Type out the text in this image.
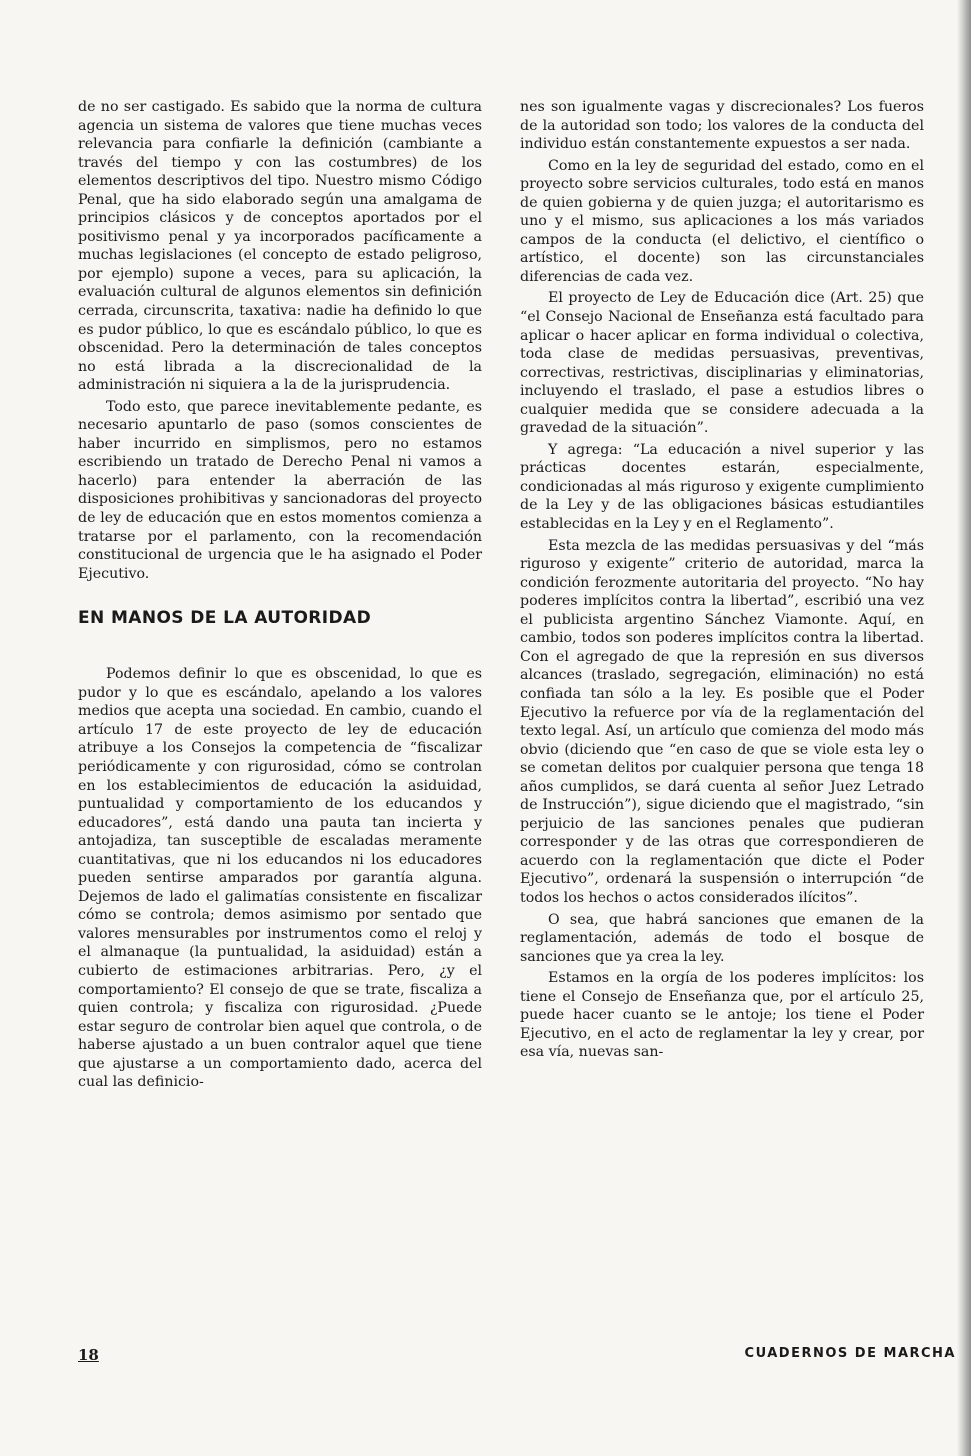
de no ser castigado. Es sabido que la norma de cultura agencia un sistema de valores que tiene muchas veces relevancia para confiarle la definición (cambiante a través del tiempo y con las costumbres) de los elementos descriptivos del tipo. Nuestro mismo Código Penal, que ha sido elaborado según una amalgama de principios clásicos y de conceptos aportados por el positivismo penal y ya incorporados pacíficamente a muchas legislaciones (el concepto de estado peligroso, por ejemplo) supone a veces, para su aplicación, la evaluación cultural de algunos elementos sin definición cerrada, circunscrita, taxativa: nadie ha definido lo que es pudor público, lo que es escándalo público, lo que es obscenidad. Pero la determinación de tales conceptos no está librada a la discrecionalidad de la administración ni siquiera a la de la jurisprudencia.

Todo esto, que parece inevitablemente pedante, es necesario apuntarlo de paso (somos conscientes de haber incurrido en simplismos, pero no estamos escribiendo un tratado de Derecho Penal ni vamos a hacerlo) para entender la aberración de las disposiciones prohibitivas y sancionadoras del proyecto de ley de educación que en estos momentos comienza a tratarse por el parlamento, con la recomendación constitucional de urgencia que le ha asignado el Poder Ejecutivo.

EN MANOS DE LA AUTORIDAD

Podemos definir lo que es obscenidad, lo que es pudor y lo que es escándalo, apelando a los valores medios que acepta una sociedad. En cambio, cuando el artículo 17 de este proyecto de ley de educación atribuye a los Consejos la competencia de “fiscalizar periódicamente y con rigurosidad, cómo se controlan en los establecimientos de educación la asiduidad, puntualidad y comportamiento de los educandos y educadores”, está dando una pauta tan incierta y antojadiza, tan susceptible de escaladas meramente cuantitativas, que ni los educandos ni los educadores pueden sentirse amparados por garantía alguna. Dejemos de lado el galimatías consistente en fiscalizar cómo se controla; demos asimismo por sentado que valores mensurables por instrumentos como el reloj y el almanaque (la puntualidad, la asiduidad) están a cubierto de estimaciones arbitrarias. Pero, ¿y el comportamiento? El consejo de que se trate, fiscaliza a quien controla; y fiscaliza con rigurosidad. ¿Puede estar seguro de controlar bien aquel que controla, o de haberse ajustado a un buen contralor aquel que tiene que ajustarse a un comportamiento dado, acerca del cual las definicio-

nes son igualmente vagas y discrecionales? Los fueros de la autoridad son todo; los valores de la conducta del individuo están constantemente expuestos a ser nada.

Como en la ley de seguridad del estado, como en el proyecto sobre servicios culturales, todo está en manos de quien gobierna y de quien juzga; el autoritarismo es uno y el mismo, sus aplicaciones a los más variados campos de la conducta (el delictivo, el científico o artístico, el docente) son las circunstanciales diferencias de cada vez.

El proyecto de Ley de Educación dice (Art. 25) que “el Consejo Nacional de Enseñanza está facultado para aplicar o hacer aplicar en forma individual o colectiva, toda clase de medidas persuasivas, preventivas, correctivas, restrictivas, disciplinarias y eliminatorias, incluyendo el traslado, el pase a estudios libres o cualquier medida que se considere adecuada a la gravedad de la situación”.

Y agrega: “La educación a nivel superior y las prácticas docentes estarán, especialmente, condicionadas al más riguroso y exigente cumplimiento de la Ley y de las obligaciones básicas estudiantiles establecidas en la Ley y en el Reglamento”.

Esta mezcla de las medidas persuasivas y del “más riguroso y exigente” criterio de autoridad, marca la condición ferozmente autoritaria del proyecto. “No hay poderes implícitos contra la libertad”, escribió una vez el publicista argentino Sánchez Viamonte. Aquí, en cambio, todos son poderes implícitos contra la libertad. Con el agregado de que la represión en sus diversos alcances (traslado, segregación, eliminación) no está confiada tan sólo a la ley. Es posible que el Poder Ejecutivo la refuerce por vía de la reglamentación del texto legal. Así, un artículo que comienza del modo más obvio (diciendo que “en caso de que se viole esta ley o se cometan delitos por cualquier persona que tenga 18 años cumplidos, se dará cuenta al señor Juez Letrado de Instrucción”), sigue diciendo que el magistrado, “sin perjuicio de las sanciones penales que pudieran corresponder y de las otras que correspondieren de acuerdo con la reglamentación que dicte el Poder Ejecutivo”, ordenará la suspensión o interrupción “de todos los hechos o actos considerados ilícitos”.

O sea, que habrá sanciones que emanen de la reglamentación, además de todo el bosque de sanciones que ya crea la ley.

Estamos en la orgía de los poderes implícitos: los tiene el Consejo de Enseñanza que, por el artículo 25, puede hacer cuanto se le antoje; los tiene el Poder Ejecutivo, en el acto de reglamentar la ley y crear, por esa vía, nuevas san-

18	CUADERNOS DE MARCHA
